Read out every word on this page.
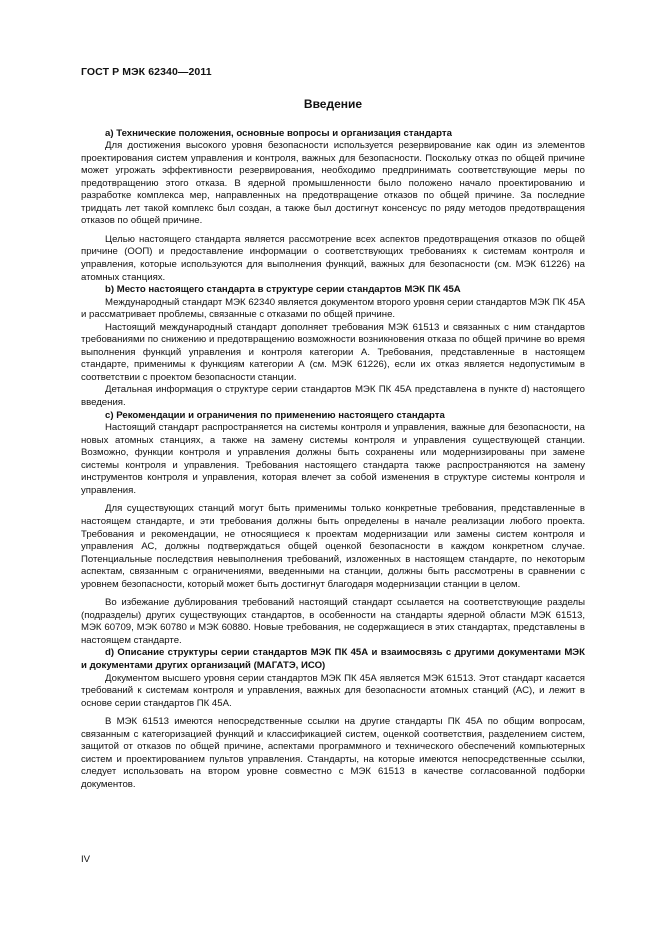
ГОСТ Р МЭК 62340—2011
Введение

а) Технические положения, основные вопросы и организация стандарта

Для достижения высокого уровня безопасности используется резервирование как один из элементов проектирования систем управления и контроля, важных для безопасности. Поскольку отказ по общей причине может угрожать эффективности резервирования, необходимо предпринимать соответствующие меры по предотвращению этого отказа. В ядерной промышленности было положено начало проектированию и разработке комплекса мер, направленных на предотвращение отказов по общей причине. За последние тридцать лет такой комплекс был создан, а также был достигнут консенсус по ряду методов предотвращения отказов по общей причине.

Целью настоящего стандарта является рассмотрение всех аспектов предотвращения отказов по общей причине (ООП) и предоставление информации о соответствующих требованиях к системам контроля и управления, которые используются для выполнения функций, важных для безопасности (см. МЭК 61226) на атомных станциях.

b) Место настоящего стандарта в структуре серии стандартов МЭК ПК 45А

Международный стандарт МЭК 62340 является документом второго уровня серии стандартов МЭК ПК 45А и рассматривает проблемы, связанные с отказами по общей причине.

Настоящий международный стандарт дополняет требования МЭК 61513 и связанных с ним стандартов требованиями по снижению и предотвращению возможности возникновения отказа по общей причине во время выполнения функций управления и контроля категории А. Требования, представленные в настоящем стандарте, применимы к функциям категории А (см. МЭК 61226), если их отказ является недопустимым в соответствии с проектом безопасности станции.

Детальная информация о структуре серии стандартов МЭК ПК 45А представлена в пункте d) настоящего введения.

с) Рекомендации и ограничения по применению настоящего стандарта

Настоящий стандарт распространяется на системы контроля и управления, важные для безопасности, на новых атомных станциях, а также на замену системы контроля и управления существующей станции. Возможно, функции контроля и управления должны быть сохранены или модернизированы при замене системы контроля и управления. Требования настоящего стандарта также распространяются на замену инструментов контроля и управления, которая влечет за собой изменения в структуре системы контроля и управления.

Для существующих станций могут быть применимы только конкретные требования, представленные в настоящем стандарте, и эти требования должны быть определены в начале реализации любого проекта. Требования и рекомендации, не относящиеся к проектам модернизации или замены систем контроля и управления АС, должны подтверждаться общей оценкой безопасности в каждом конкретном случае. Потенциальные последствия невыполнения требований, изложенных в настоящем стандарте, по некоторым аспектам, связанным с ограничениями, введенными на станции, должны быть рассмотрены в сравнении с уровнем безопасности, который может быть достигнут благодаря модернизации станции в целом.

Во избежание дублирования требований настоящий стандарт ссылается на соответствующие разделы (подразделы) других существующих стандартов, в особенности на стандарты ядерной области МЭК 61513, МЭК 60709, МЭК 60780 и МЭК 60880. Новые требования, не содержащиеся в этих стандартах, представлены в настоящем стандарте.

d) Описание структуры серии стандартов МЭК ПК 45А и взаимосвязь с другими документами МЭК и документами других организаций (МАГАТЭ, ИСО)

Документом высшего уровня серии стандартов МЭК ПК 45А является МЭК 61513. Этот стандарт касается требований к системам контроля и управления, важных для безопасности атомных станций (АС), и лежит в основе серии стандартов ПК 45А.

В МЭК 61513 имеются непосредственные ссылки на другие стандарты ПК 45А по общим вопросам, связанным с категоризацией функций и классификацией систем, оценкой соответствия, разделением систем, защитой от отказов по общей причине, аспектами программного и технического обеспечений компьютерных систем и проектированием пультов управления. Стандарты, на которые имеются непосредственные ссылки, следует использовать на втором уровне совместно с МЭК 61513 в качестве согласованной подборки документов.

IV
